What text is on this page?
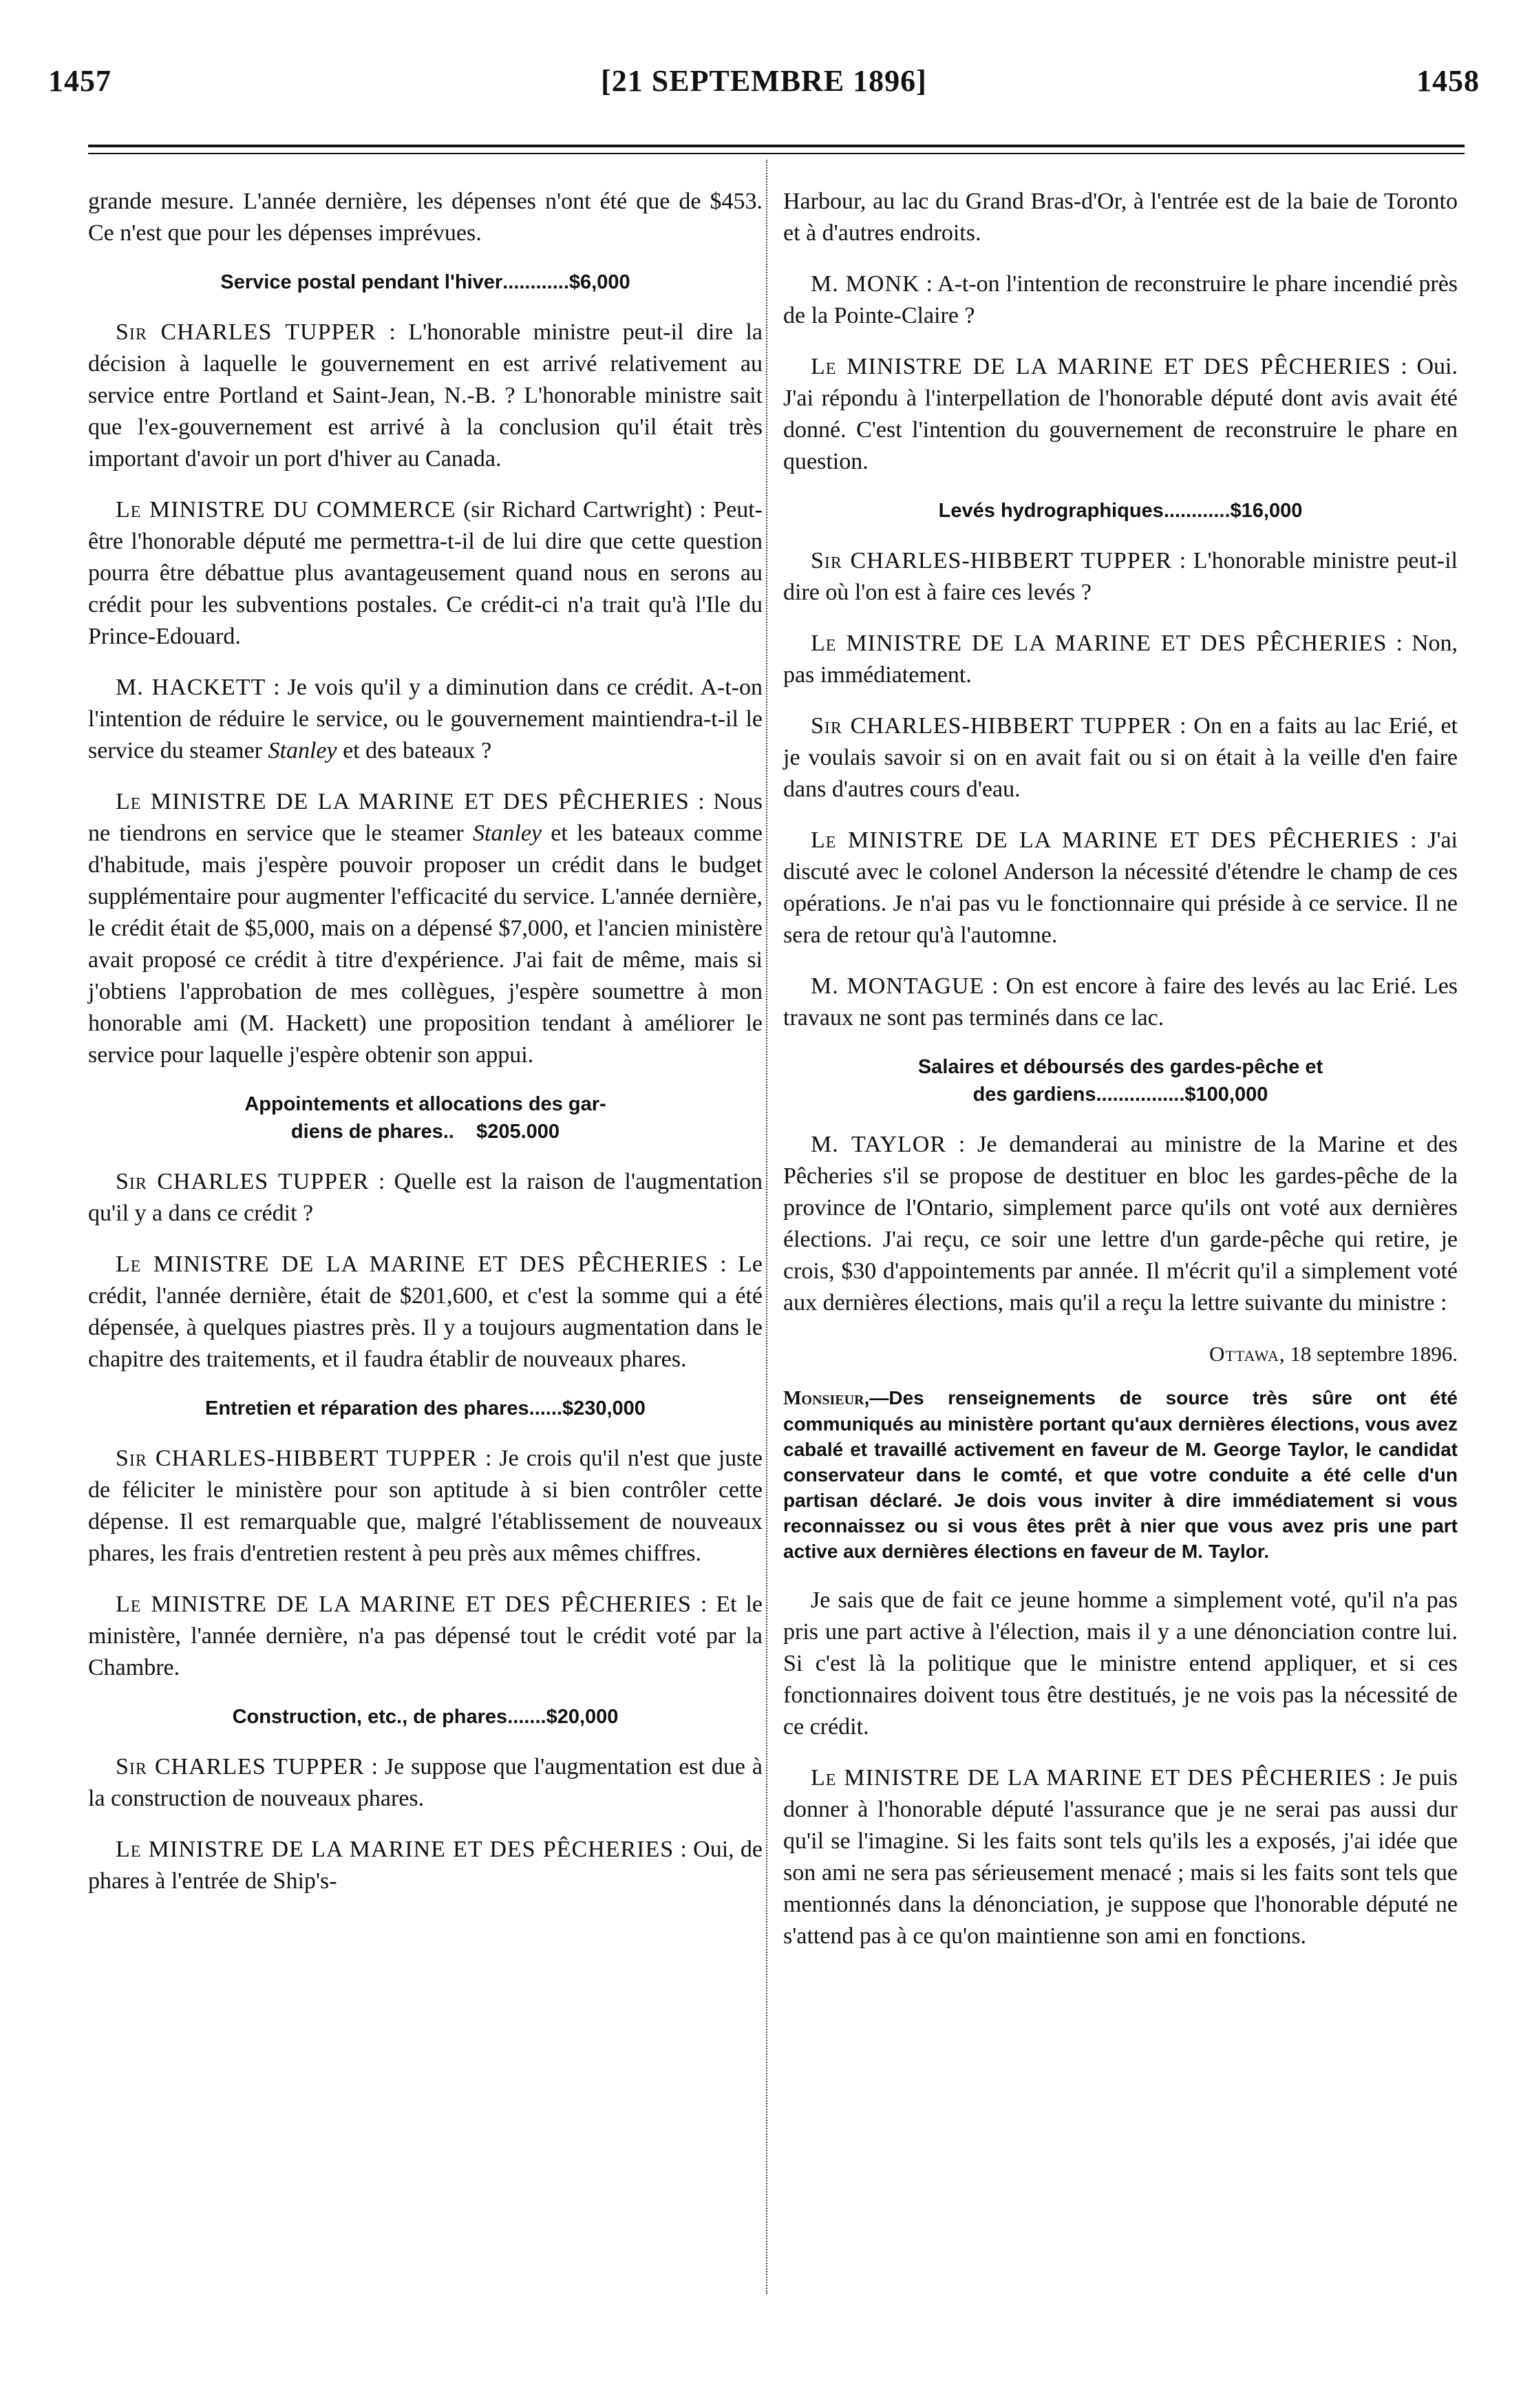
1457	[21 SEPTEMBRE 1896]	1458

grande mesure. L'année dernière, les dépenses n'ont été que de $453. Ce n'est que pour les dépenses imprévues.

Service postal pendant l'hiver ............ $6,000

Sir CHARLES TUPPER : L'honorable ministre peut-il dire la décision à laquelle le gouvernement en est arrivé relativement au service entre Portland et Saint-Jean, N.-B. ? L'honorable ministre sait que l'ex-gouvernement est arrivé à la conclusion qu'il était très important d'avoir un port d'hiver au Canada.

Le MINISTRE DU COMMERCE (sir Richard Cartwright) : Peut-être l'honorable député me permettra-t-il de lui dire que cette question pourra être débattue plus avantageusement quand nous en serons au crédit pour les subventions postales. Ce crédit-ci n'a trait qu'à l'Ile du Prince-Edouard.

M. HACKETT : Je vois qu'il y a diminution dans ce crédit. A-t-on l'intention de réduire le service, ou le gouvernement maintiendra-t-il le service du steamer Stanley et des bateaux ?

Le MINISTRE DE LA MARINE ET DES PÊCHERIES : Nous ne tiendrons en service que le steamer Stanley et les bateaux comme d'habitude, mais j'espère pouvoir proposer un crédit dans le budget supplémentaire pour augmenter l'efficacité du service. L'année dernière, le crédit était de $5,000, mais on a dépensé $7,000, et l'ancien ministère avait proposé ce crédit à titre d'expérience. J'ai fait de même, mais si j'obtiens l'approbation de mes collègues, j'espère soumettre à mon honorable ami (M. Hackett) une proposition tendant à améliorer le service pour laquelle j'espère obtenir son appui.

Appointements et allocations des gar-
diens de phares.. $205.000

Sir CHARLES TUPPER : Quelle est la raison de l'augmentation qu'il y a dans ce crédit ?

Le MINISTRE DE LA MARINE ET DES PÊCHERIES : Le crédit, l'année dernière, était de $201,600, et c'est la somme qui a été dépensée, à quelques piastres près. Il y a toujours augmentation dans le chapitre des traitements, et il faudra établir de nouveaux phares.

Entretien et réparation des phares ...... $230,000

Sir CHARLES-HIBBERT TUPPER : Je crois qu'il n'est que juste de féliciter le ministère pour son aptitude à si bien contrôler cette dépense. Il est remarquable que, malgré l'établissement de nouveaux phares, les frais d'entretien restent à peu près aux mêmes chiffres.

Le MINISTRE DE LA MARINE ET DES PÊCHERIES : Et le ministère, l'année dernière, n'a pas dépensé tout le crédit voté par la Chambre.

Construction, etc., de phares ....... $20,000

Sir CHARLES TUPPER : Je suppose que l'augmentation est due à la construction de nouveaux phares.

Le MINISTRE DE LA MARINE ET DES PÊCHERIES : Oui, de phares à l'entrée de Ship's-

Harbour, au lac du Grand Bras-d'Or, à l'entrée est de la baie de Toronto et à d'autres endroits.

M. MONK : A-t-on l'intention de reconstruire le phare incendié près de la Pointe-Claire ?

Le MINISTRE DE LA MARINE ET DES PÊCHERIES : Oui. J'ai répondu à l'interpellation de l'honorable député dont avis avait été donné. C'est l'intention du gouvernement de reconstruire le phare en question.

Levés hydrographiques ............ $16,000

Sir CHARLES-HIBBERT TUPPER : L'honorable ministre peut-il dire où l'on est à faire ces levés ?

Le MINISTRE DE LA MARINE ET DES PÊCHERIES : Non, pas immédiatement.

Sir CHARLES-HIBBERT TUPPER : On en a faits au lac Erié, et je voulais savoir si on en avait fait ou si on était à la veille d'en faire dans d'autres cours d'eau.

Le MINISTRE DE LA MARINE ET DES PÊCHERIES : J'ai discuté avec le colonel Anderson la nécessité d'étendre le champ de ces opérations. Je n'ai pas vu le fonctionnaire qui préside à ce service. Il ne sera de retour qu'à l'automne.

M. MONTAGUE : On est encore à faire des levés au lac Erié. Les travaux ne sont pas terminés dans ce lac.

Salaires et déboursés des gardes-pêche et
des gardiens................$100,000

M. TAYLOR : Je demanderai au ministre de la Marine et des Pêcheries s'il se propose de destituer en bloc les gardes-pêche de la province de l'Ontario, simplement parce qu'ils ont voté aux dernières élections. J'ai reçu, ce soir une lettre d'un garde-pêche qui retire, je crois, $30 d'appointements par année. Il m'écrit qu'il a simplement voté aux dernières élections, mais qu'il a reçu la lettre suivante du ministre :

Ottawa, 18 septembre 1896.
Monsieur,—Des renseignements de source très sûre ont été communiqués au ministère portant qu'aux dernières élections, vous avez cabalé et travaillé activement en faveur de M. George Taylor, le candidat conservateur dans le comté, et que votre conduite a été celle d'un partisan déclaré. Je dois vous inviter à dire immédiatement si vous reconnaissez ou si vous êtes prêt à nier que vous avez pris une part active aux dernières élections en faveur de M. Taylor.

Je sais que de fait ce jeune homme a simplement voté, qu'il n'a pas pris une part active à l'élection, mais il y a une dénonciation contre lui. Si c'est là la politique que le ministre entend appliquer, et si ces fonctionnaires doivent tous être destitués, je ne vois pas la nécessité de ce crédit.

Le MINISTRE DE LA MARINE ET DES PÊCHERIES : Je puis donner à l'honorable député l'assurance que je ne serai pas aussi dur qu'il se l'imagine. Si les faits sont tels qu'ils les a exposés, j'ai idée que son ami ne sera pas sérieusement menacé ; mais si les faits sont tels que mentionnés dans la dénonciation, je suppose que l'honorable député ne s'attend pas à ce qu'on maintienne son ami en fonctions.
